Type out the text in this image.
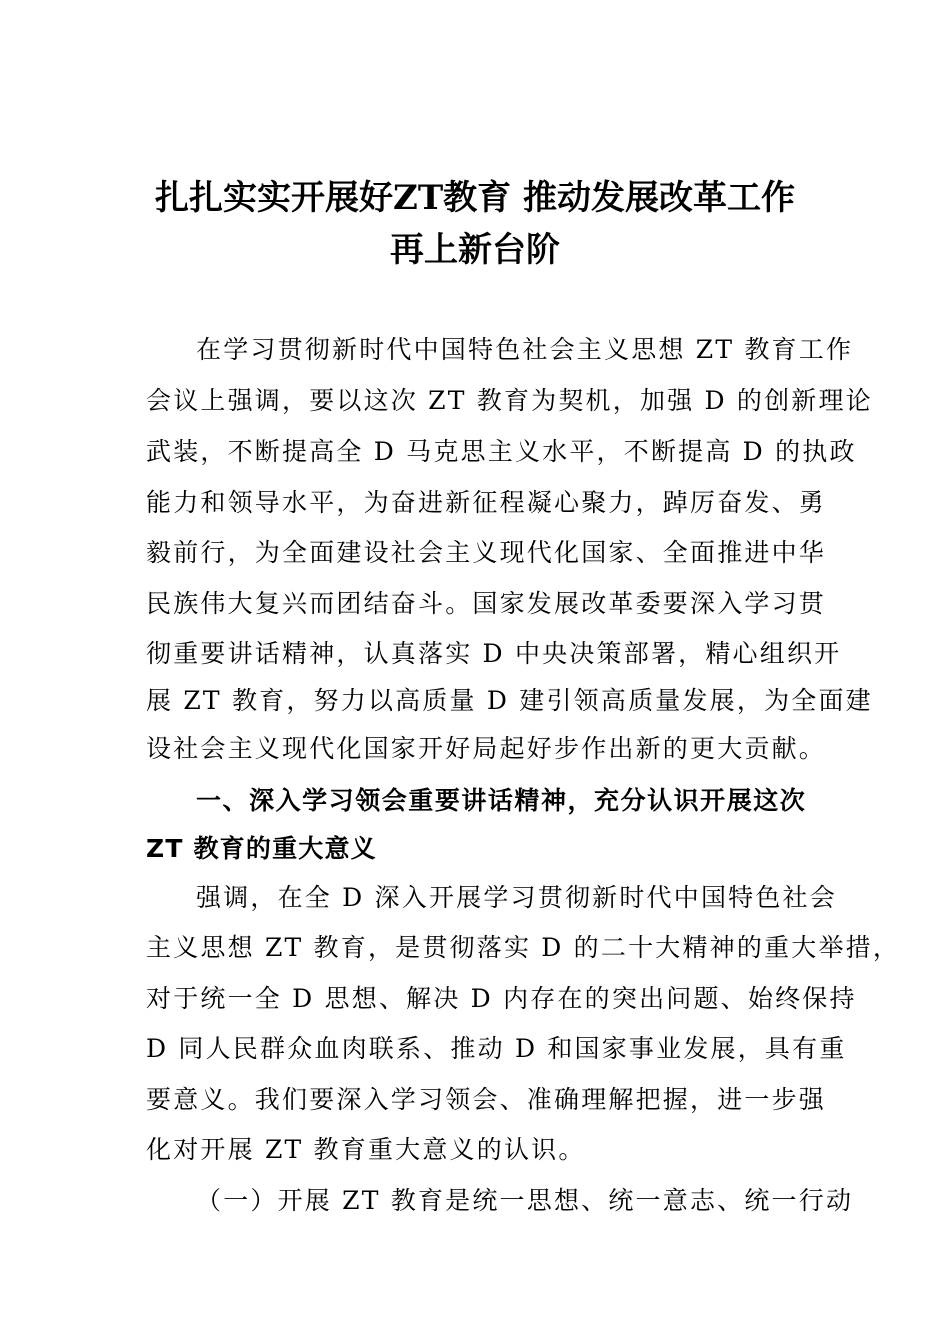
扎扎实实开展好ZT教育 推动发展改革工作
再上新台阶
在学习贯彻新时代中国特色社会主义思想 ZT 教育工作
会议上强调，要以这次 ZT 教育为契机，加强 D 的创新理论
武装，不断提高全 D 马克思主义水平，不断提高 D 的执政
能力和领导水平，为奋进新征程凝心聚力，踔厉奋发、勇
毅前行，为全面建设社会主义现代化国家、全面推进中华
民族伟大复兴而团结奋斗。国家发展改革委要深入学习贯
彻重要讲话精神，认真落实 D 中央决策部署，精心组织开
展 ZT 教育，努力以高质量 D 建引领高质量发展，为全面建
设社会主义现代化国家开好局起好步作出新的更大贡献。
一、深入学习领会重要讲话精神，充分认识开展这次
ZT 教育的重大意义
强调，在全 D 深入开展学习贯彻新时代中国特色社会
主义思想 ZT 教育，是贯彻落实 D 的二十大精神的重大举措，
对于统一全 D 思想、解决 D 内存在的突出问题、始终保持
D 同人民群众血肉联系、推动 D 和国家事业发展，具有重
要意义。我们要深入学习领会、准确理解把握，进一步强
化对开展 ZT 教育重大意义的认识。
（一）开展 ZT 教育是统一思想、统一意志、统一行动
